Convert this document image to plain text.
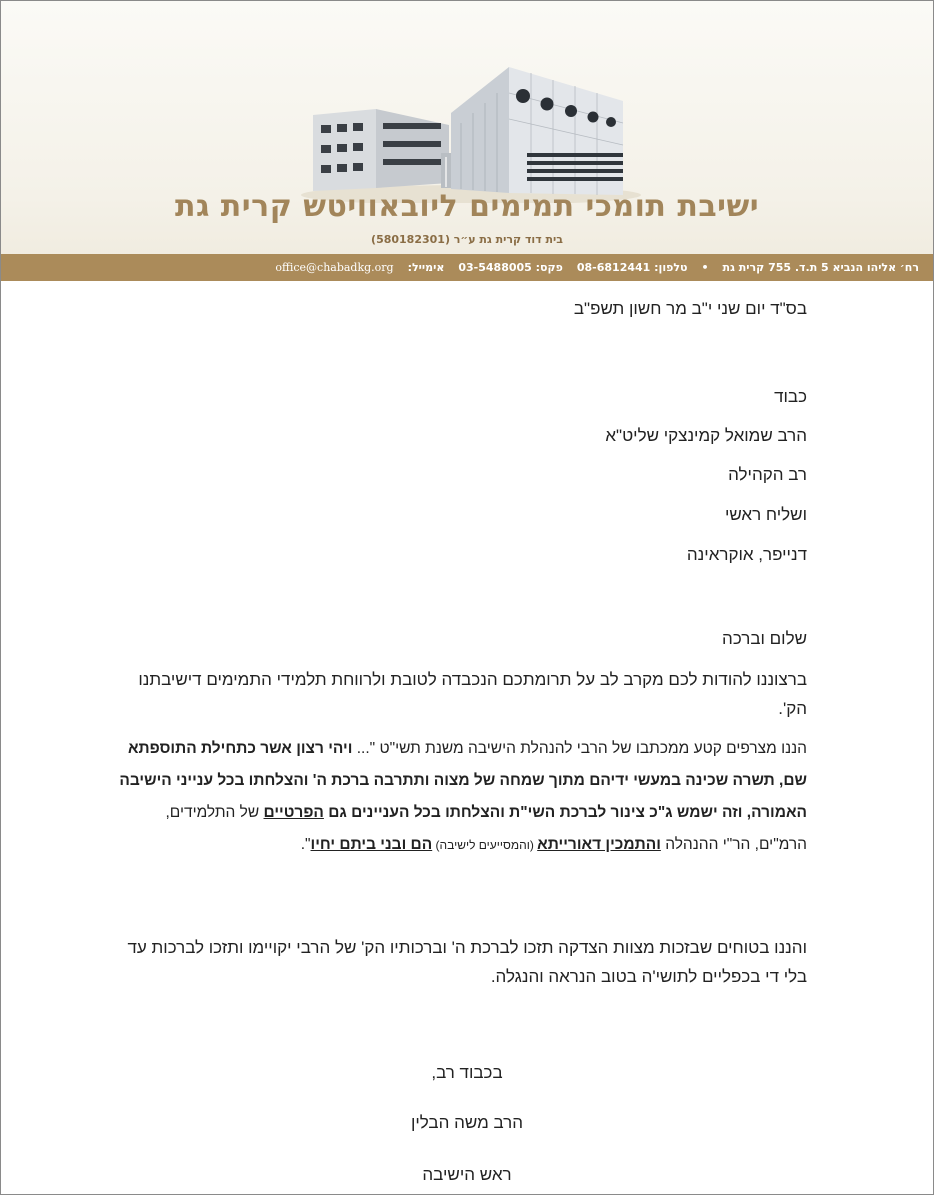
ישיבת תומכי תמימים ליובאוויטש קרית גת
בית דוד קרית גת ע״ר (580182301)
רח׳ אליהו הנביא 5 ת.ד. 755 קרית גת
•
טלפון: 08-6812441
פקס: 03-5488005
אימייל:
office@chabadkg.org
בס"ד יום שני י"ב מר חשון תשפ"ב
כבוד
הרב שמואל קמינצקי שליט"א
רב הקהילה
ושליח ראשי
דנייפר, אוקראינה
שלום וברכה
ברצוננו להודות לכם מקרב לב על תרומתכם הנכבדה לטובת ולרווחת תלמידי התמימים דישיבתנו הק'.
הננו מצרפים קטע ממכתבו של הרבי להנהלת הישיבה משנת תשי"ט "... ויהי רצון אשר כתחילת התוספתא שם, תשרה שכינה במעשי ידיהם מתוך שמחה של מצוה ותתרבה ברכת ה' והצלחתו בכל ענייני הישיבה האמורה, וזה ישמש ג"כ צינור לברכת השי"ת והצלחתו בכל העניינים גם הפרטיים של התלמידים, הרמ"ים, הר"י ההנהלה והתמכין דאורייתא (והמסייעים לישיבה) הם ובני ביתם יחיו".
והננו בטוחים שבזכות מצוות הצדקה תזכו לברכת ה' וברכותיו הק' של הרבי יקויימו ותזכו לברכות עד בלי די בכפליים לתושי'ה בטוב הנראה והנגלה.
בכבוד רב,
הרב משה הבלין
ראש הישיבה
